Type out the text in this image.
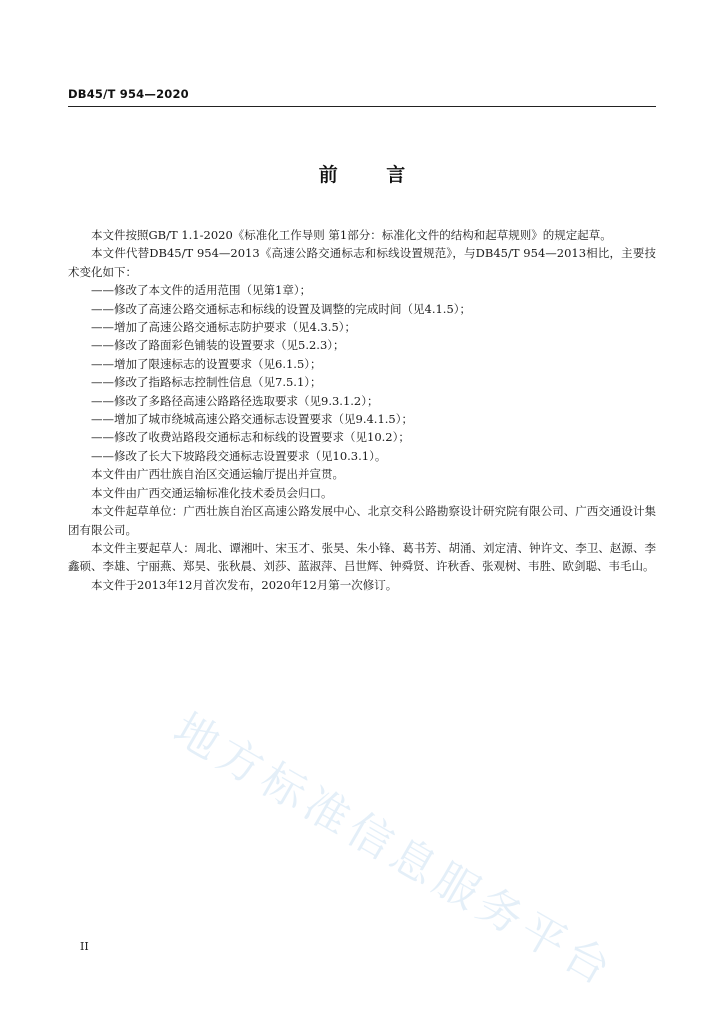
DB45/T 954—2020
前 言

本文件按照GB/T 1.1-2020《标准化工作导则 第1部分：标准化文件的结构和起草规则》的规定起草。

本文件代替DB45/T 954—2013《高速公路交通标志和标线设置规范》，与DB45/T 954—2013相比，主要技术变化如下：

——修改了本文件的适用范围（见第1章）；

——修改了高速公路交通标志和标线的设置及调整的完成时间（见4.1.5）；

——增加了高速公路交通标志防护要求（见4.3.5）；

——修改了路面彩色铺装的设置要求（见5.2.3）；

——增加了限速标志的设置要求（见6.1.5）；

——修改了指路标志控制性信息（见7.5.1）；

——修改了多路径高速公路路径选取要求（见9.3.1.2）；

——增加了城市绕城高速公路交通标志设置要求（见9.4.1.5）；

——修改了收费站路段交通标志和标线的设置要求（见10.2）；

——修改了长大下坡路段交通标志设置要求（见10.3.1）。

本文件由广西壮族自治区交通运输厅提出并宣贯。

本文件由广西交通运输标准化技术委员会归口。

本文件起草单位：广西壮族自治区高速公路发展中心、北京交科公路勘察设计研究院有限公司、广西交通设计集团有限公司。

本文件主要起草人：周北、谭湘叶、宋玉才、张昊、朱小锋、葛书芳、胡涌、刘定清、钟许文、李卫、赵源、李鑫硕、李雄、宁丽燕、郑昊、张秋晨、刘莎、蓝淑萍、吕世辉、钟舜贤、许秋香、张观树、韦胜、欧剑聪、韦毛山。

本文件于2013年12月首次发布，2020年12月第一次修订。

地方标准信息服务平台
II
